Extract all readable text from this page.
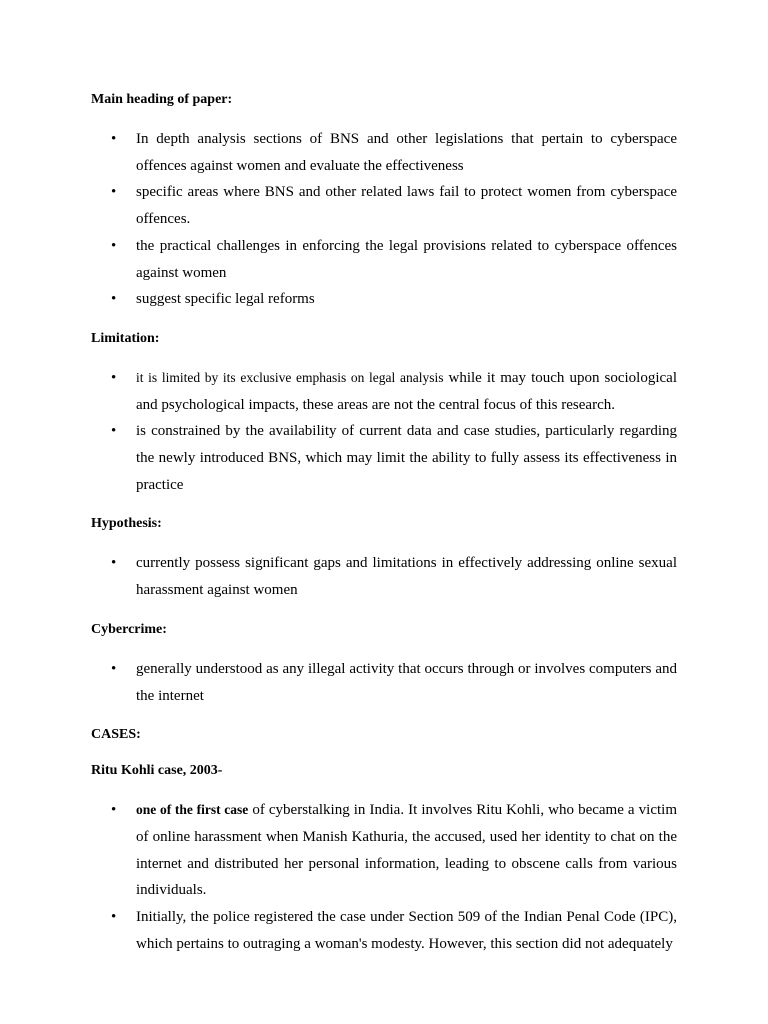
Main heading of paper:
• In depth analysis sections of BNS and other legislations that pertain to cyberspace offences against women and evaluate the effectiveness
• specific areas where BNS and other related laws fail to protect women from cyberspace offences.
• the practical challenges in enforcing the legal provisions related to cyberspace offences against women
• suggest specific legal reforms
Limitation:
• it is limited by its exclusive emphasis on legal analysis while it may touch upon sociological and psychological impacts, these areas are not the central focus of this research.
• is constrained by the availability of current data and case studies, particularly regarding the newly introduced BNS, which may limit the ability to fully assess its effectiveness in practice
Hypothesis:
• currently possess significant gaps and limitations in effectively addressing online sexual harassment against women
Cybercrime:
• generally understood as any illegal activity that occurs through or involves computers and the internet
CASES:
Ritu Kohli case, 2003-
• one of the first case of cyberstalking in India. It involves Ritu Kohli, who became a victim of online harassment when Manish Kathuria, the accused, used her identity to chat on the internet and distributed her personal information, leading to obscene calls from various individuals.
• Initially, the police registered the case under Section 509 of the Indian Penal Code (IPC), which pertains to outraging a woman's modesty. However, this section did not adequately
